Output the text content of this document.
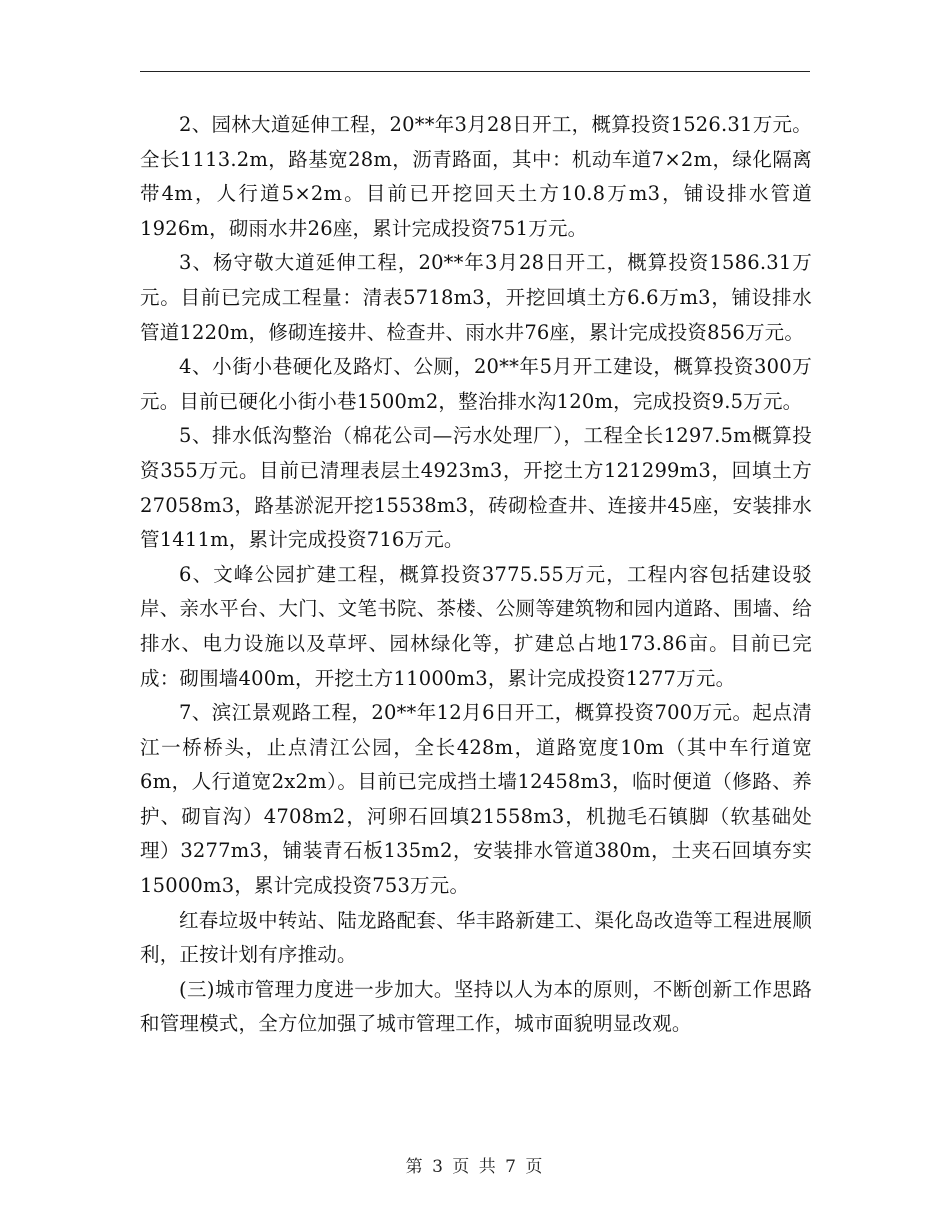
2、园林大道延伸工程，20**年3月28日开工，概算投资1526.31万元。全长1113.2m，路基宽28m，沥青路面，其中：机动车道7×2m，绿化隔离带4m，人行道5×2m。目前已开挖回天土方10.8万m3，铺设排水管道1926m，砌雨水井26座，累计完成投资751万元。

3、杨守敬大道延伸工程，20**年3月28日开工，概算投资1586.31万元。目前已完成工程量：清表5718m3，开挖回填土方6.6万m3，铺设排水管道1220m，修砌连接井、检查井、雨水井76座，累计完成投资856万元。

4、小街小巷硬化及路灯、公厕，20**年5月开工建设，概算投资300万元。目前已硬化小街小巷1500m2，整治排水沟120m，完成投资9.5万元。

5、排水低沟整治（棉花公司—污水处理厂），工程全长1297.5m概算投资355万元。目前已清理表层土4923m3，开挖土方121299m3，回填土方27058m3，路基淤泥开挖15538m3，砖砌检查井、连接井45座，安装排水管1411m，累计完成投资716万元。

6、文峰公园扩建工程，概算投资3775.55万元，工程内容包括建设驳岸、亲水平台、大门、文笔书院、茶楼、公厕等建筑物和园内道路、围墙、给排水、电力设施以及草坪、园林绿化等，扩建总占地173.86亩。目前已完成：砌围墙400m，开挖土方11000m3，累计完成投资1277万元。

7、滨江景观路工程，20**年12月6日开工，概算投资700万元。起点清江一桥桥头，止点清江公园，全长428m，道路宽度10m（其中车行道宽6m，人行道宽2x2m）。目前已完成挡土墙12458m3，临时便道（修路、养护、砌盲沟）4708m2，河卵石回填21558m3，机抛毛石镇脚（软基础处理）3277m3，铺装青石板135m2，安装排水管道380m，土夹石回填夯实15000m3，累计完成投资753万元。

红春垃圾中转站、陆龙路配套、华丰路新建工、渠化岛改造等工程进展顺利，正按计划有序推动。

(三)城市管理力度进一步加大。坚持以人为本的原则，不断创新工作思路和管理模式，全方位加强了城市管理工作，城市面貌明显改观。

第 3 页 共 7 页
